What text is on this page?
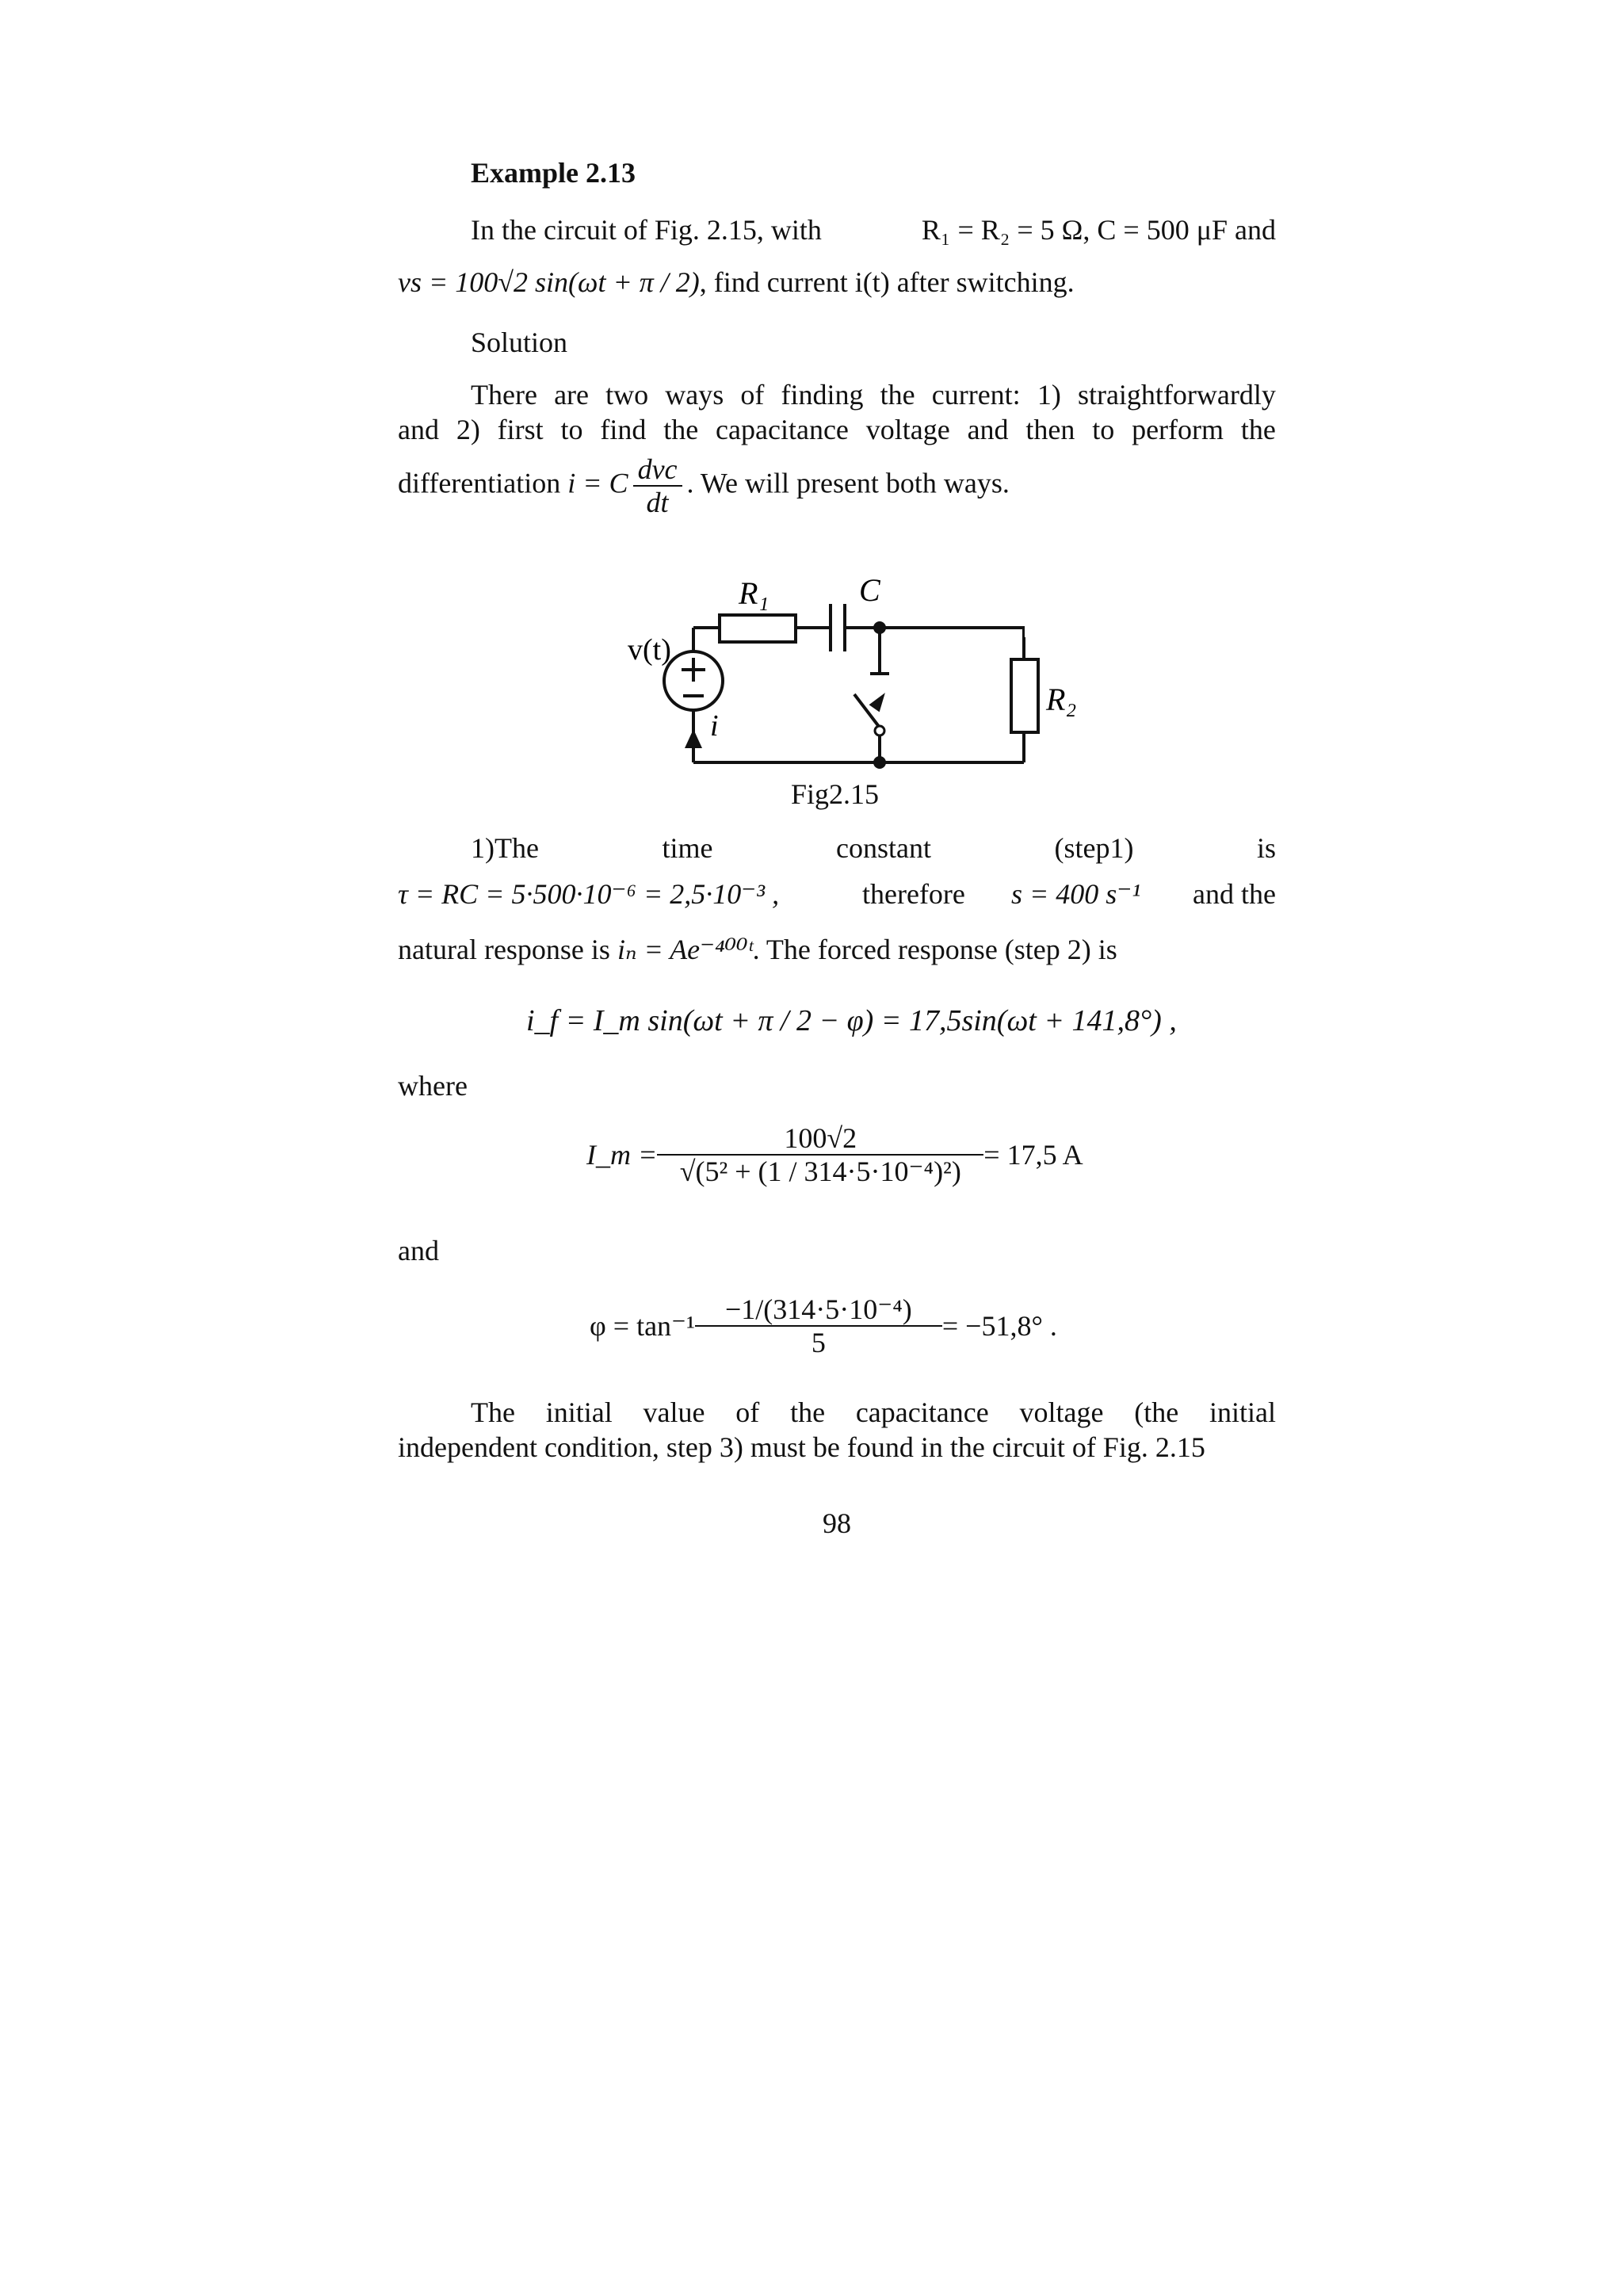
Example 2.13
In the circuit of Fig. 2.15, with	R₁ = R₂ = 5 Ω, C = 500 μF and
vs = 100√2 sin(ωt + π / 2), find current i(t) after switching.
Solution
There are two ways of finding the current: 1) straightforwardly
and 2) first to find the capacitance voltage and then to perform the
differentiation i = C $\frac{\text{dvc}}{dt}$ . We will present both ways.
R₁	C
v(t)
i
R₂
Fig2.15
1)The	time	constant	(step1)	is
τ = RC = 5·500·10⁻⁶ = 2,5·10⁻³ ,	therefore s = 400 s⁻¹ and the
natural response is iₙ = Ae⁻⁴⁰⁰ᵗ. The forced response (step 2) is
i_f = I_m sin(ωt + π / 2 − φ) = 17,5sin(ωt + 141,8°) ,
where
I_m = $\frac{100√2}{\text{√(5² + (1 / 314·5·10⁻⁴)²)}} = 17,5$ A
and
$\varphi = \tan^{-1} \frac{\text{−1/(314·5·10⁻⁴)}}{5} = -51,8^\circ$ .
The initial value of the capacitance voltage (the initial
independent condition, step 3) must be found in the circuit of Fig. 2.15
98
